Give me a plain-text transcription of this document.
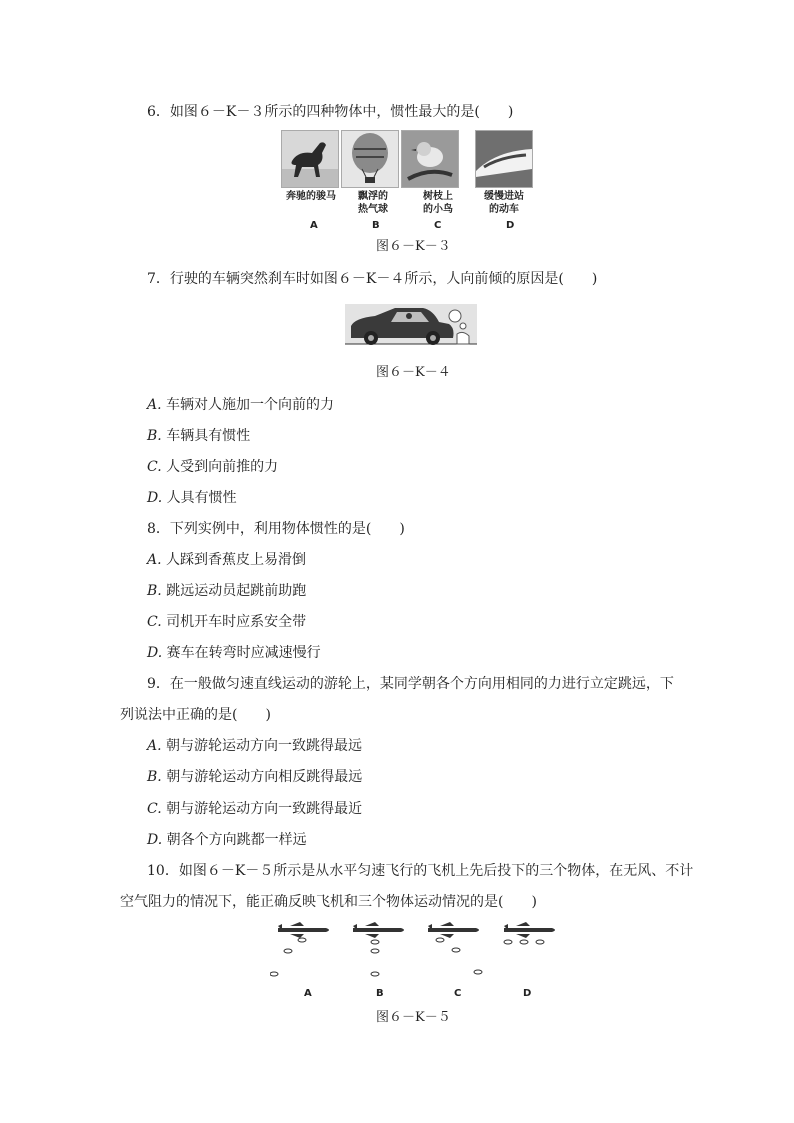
6．如图６－K－３所示的四种物体中，惯性最大的是(　　)
奔驰的骏马	飘浮的
热气球
树枝上
的小鸟
缓慢进站
的动车
A	B	C	D
图６－K－３
7．行驶的车辆突然刹车时如图６－K－４所示，人向前倾的原因是(　　)
图６－K－４
A. 车辆对人施加一个向前的力
B. 车辆具有惯性
C. 人受到向前推的力
D. 人具有惯性
8．下列实例中，利用物体惯性的是(　　)
A. 人踩到香蕉皮上易滑倒
B. 跳远运动员起跳前助跑
C. 司机开车时应系安全带
D. 赛车在转弯时应减速慢行
9．在一般做匀速直线运动的游轮上，某同学朝各个方向用相同的力进行立定跳远，下
列说法中正确的是(　　)
A. 朝与游轮运动方向一致跳得最远
B. 朝与游轮运动方向相反跳得最远
C. 朝与游轮运动方向一致跳得最近
D. 朝各个方向跳都一样远
10．如图６－K－５所示是从水平匀速飞行的飞机上先后投下的三个物体，在无风、不计
空气阻力的情况下，能正确反映飞机和三个物体运动情况的是(　　)
A	B	C	D
图６－K－５
